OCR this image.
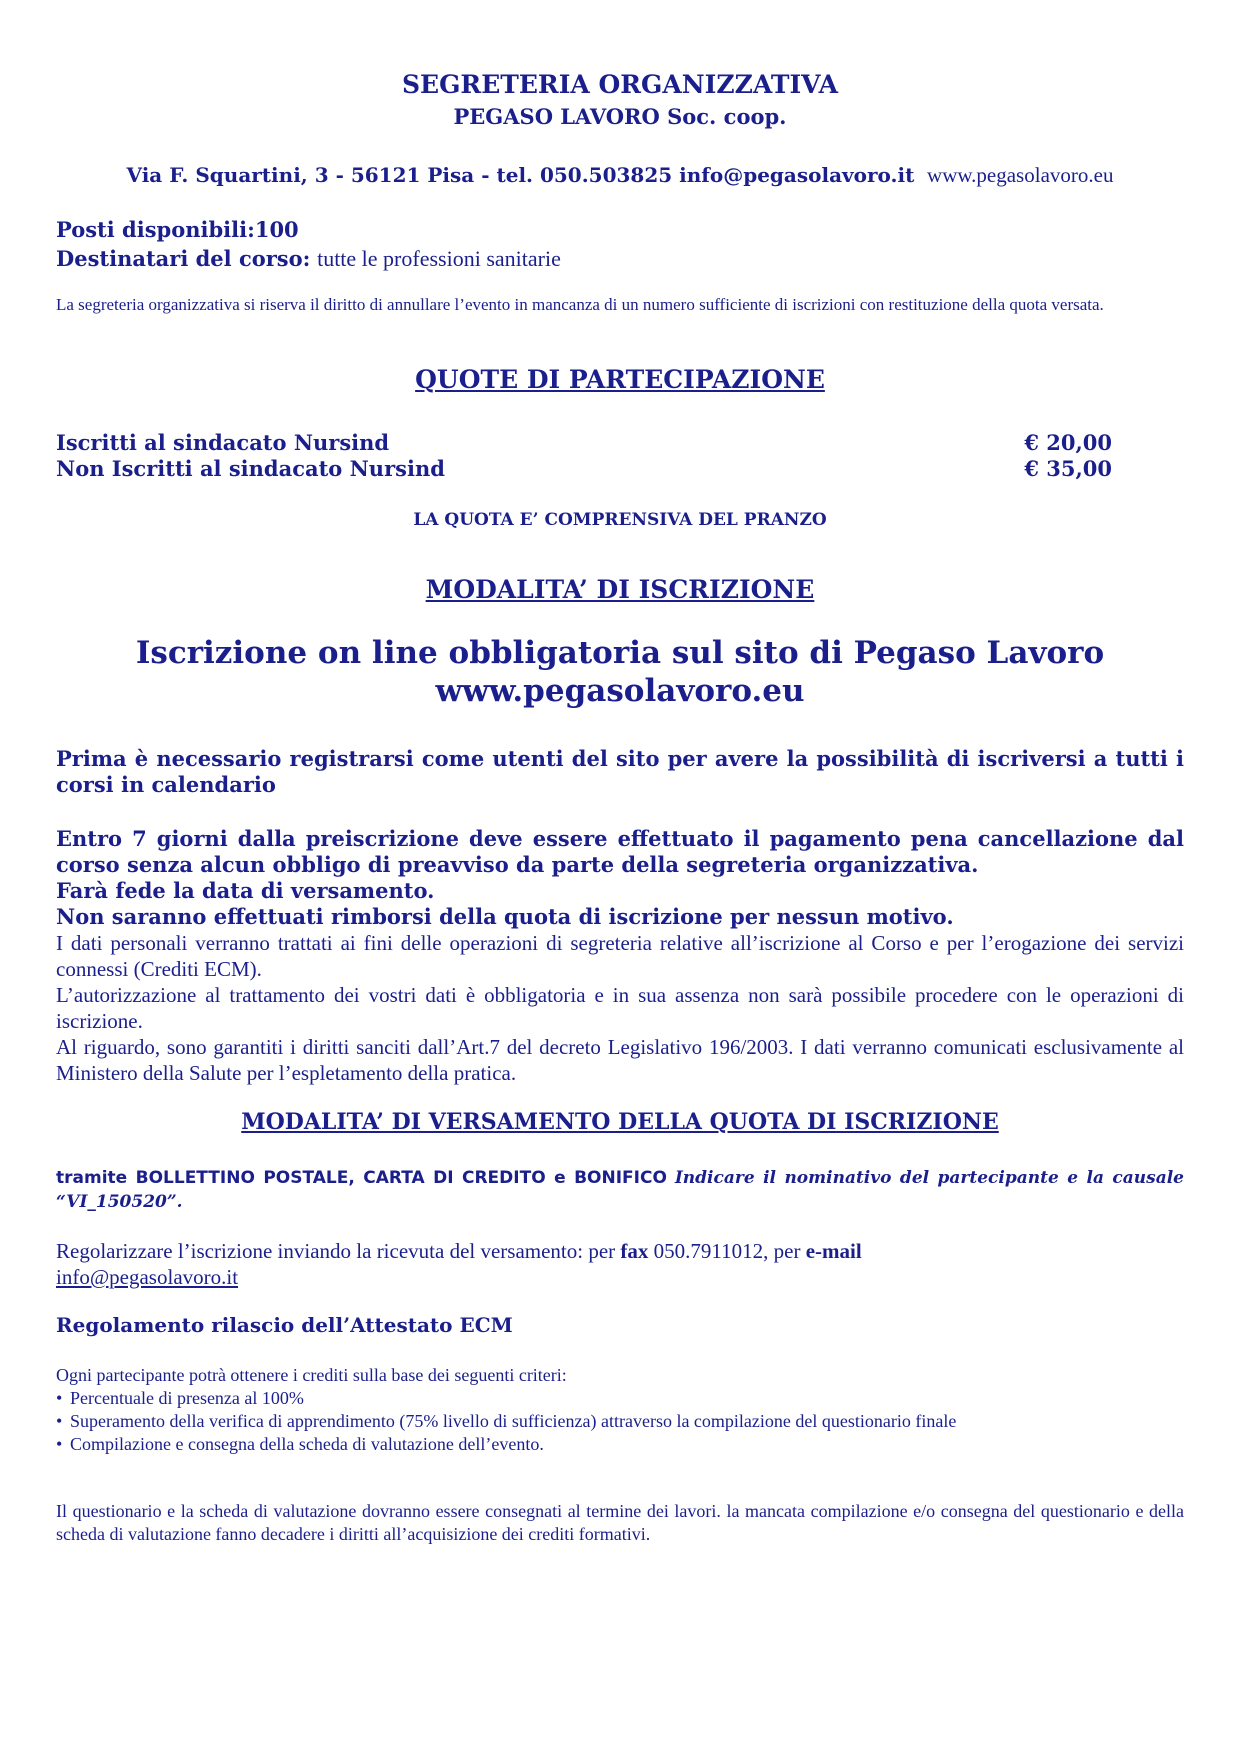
SEGRETERIA ORGANIZZATIVA

PEGASO LAVORO Soc. coop.

Via F. Squartini, 3 - 56121 Pisa - tel. 050.503825 info@pegasolavoro.it www.pegasolavoro.eu

Posti disponibili:100

Destinatari del corso: tutte le professioni sanitarie

La segreteria organizzativa si riserva il diritto di annullare l’evento in mancanza di un numero sufficiente di iscrizioni con restituzione della quota versata.

QUOTE DI PARTECIPAZIONE

Iscritti al sindacato Nursind	€ 20,00
Non Iscritti al sindacato Nursind	€ 35,00

LA QUOTA E’ COMPRENSIVA DEL PRANZO

MODALITA’ DI ISCRIZIONE

Iscrizione on line obbligatoria sul sito di Pegaso Lavoro

www.pegasolavoro.eu

Prima è necessario registrarsi come utenti del sito per avere la possibilità di iscriversi a tutti i corsi in calendario

Entro 7 giorni dalla preiscrizione deve essere effettuato il pagamento pena cancellazione dal corso senza alcun obbligo di preavviso da parte della segreteria organizzativa.
Farà fede la data di versamento.
Non saranno effettuati rimborsi della quota di iscrizione per nessun motivo.
I dati personali verranno trattati ai fini delle operazioni di segreteria relative all’iscrizione al Corso e per l’erogazione dei servizi connessi (Crediti ECM).
L’autorizzazione al trattamento dei vostri dati è obbligatoria e in sua assenza non sarà possibile procedere con le operazioni di iscrizione.
Al riguardo, sono garantiti i diritti sanciti dall’Art.7 del decreto Legislativo 196/2003. I dati verranno comunicati esclusivamente al Ministero della Salute per l’espletamento della pratica.

MODALITA’ DI VERSAMENTO DELLA QUOTA DI ISCRIZIONE

tramite BOLLETTINO POSTALE, CARTA DI CREDITO e BONIFICO Indicare il nominativo del partecipante e la causale “VI_150520”.

Regolarizzare l’iscrizione inviando la ricevuta del versamento: per fax 050.7911012, per e-mail
info@pegasolavoro.it

Regolamento rilascio dell’Attestato ECM

Ogni partecipante potrà ottenere i crediti sulla base dei seguenti criteri:
• Percentuale di presenza al 100%
• Superamento della verifica di apprendimento (75% livello di sufficienza) attraverso la compilazione del questionario finale
• Compilazione e consegna della scheda di valutazione dell’evento.

Il questionario e la scheda di valutazione dovranno essere consegnati al termine dei lavori. la mancata compilazione e/o consegna del questionario e della scheda di valutazione fanno decadere i diritti all’acquisizione dei crediti formativi.
